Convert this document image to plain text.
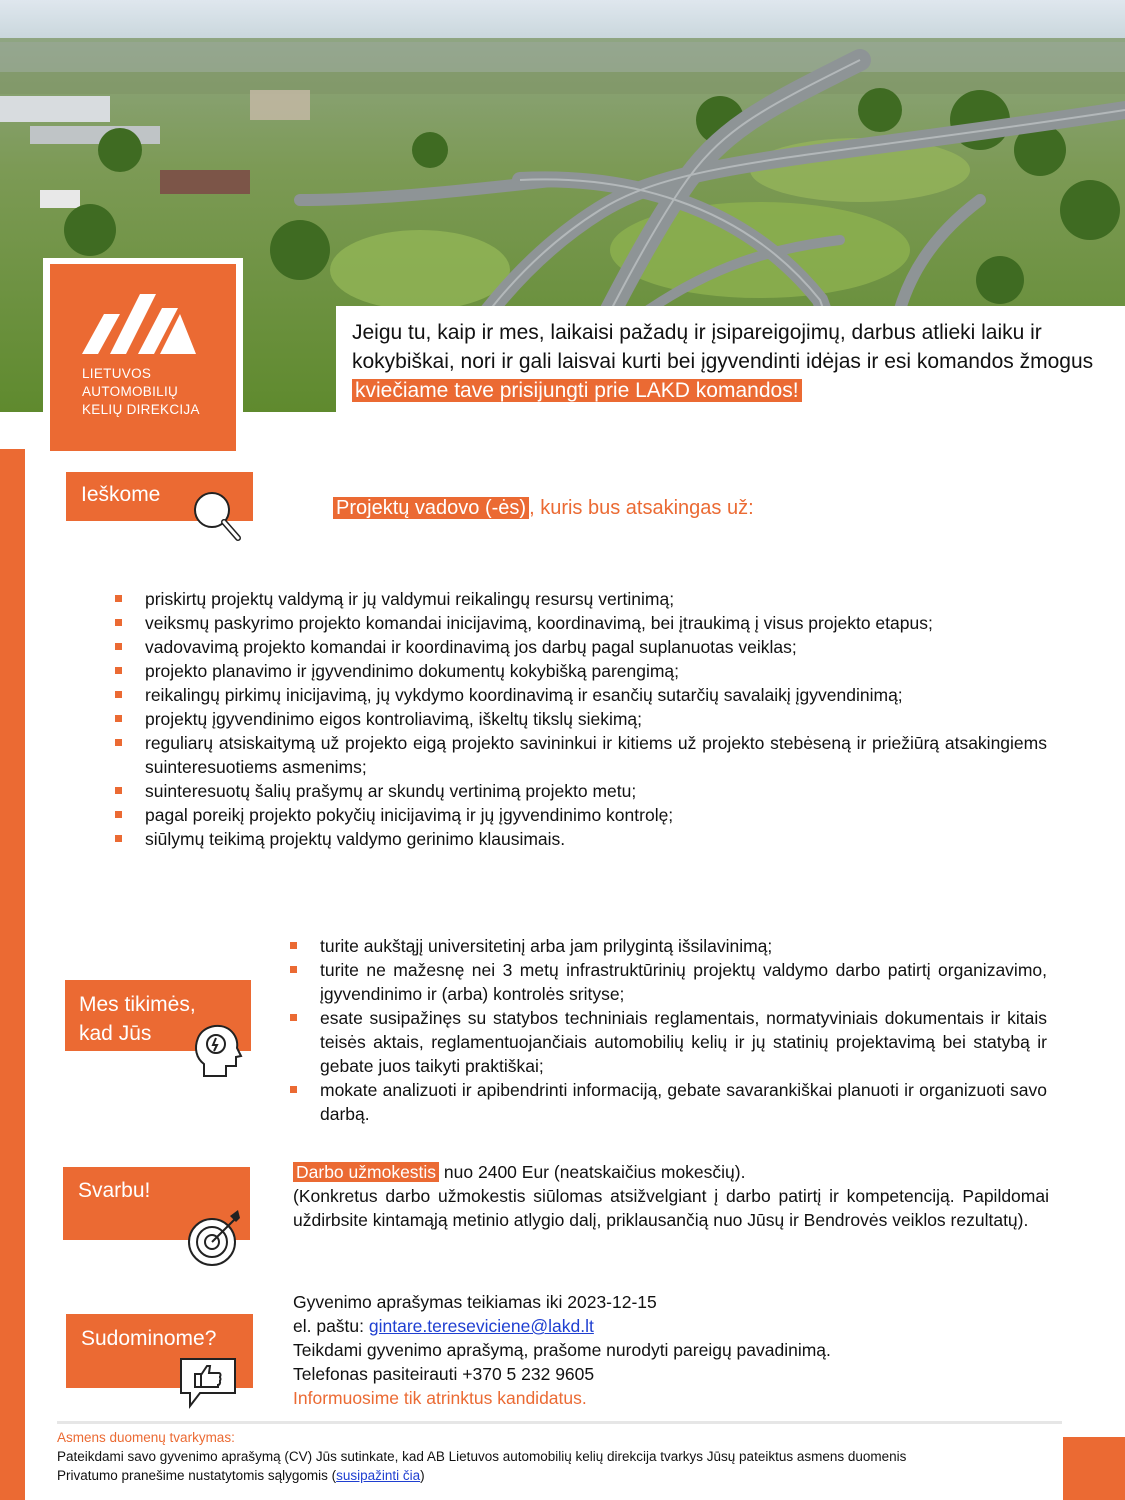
LIETUVOS
AUTOMOBILIŲ
KELIŲ DIREKCIJA
Jeigu tu, kaip ir mes, laikaisi pažadų ir įsipareigojimų, darbus atlieki laiku ir kokybiškai, nori ir gali laisvai kurti bei įgyvendinti idėjas ir esi komandos žmogus kviečiame tave prisijungti prie LAKD komandos!
Ieškome
Projektų vadovo (-ės) , kuris bus atsakingas už:
priskirtų projektų valdymą ir jų valdymui reikalingų resursų vertinimą;
veiksmų paskyrimo projekto komandai inicijavimą, koordinavimą, bei įtraukimą į visus projekto etapus;
vadovavimą projekto komandai ir koordinavimą jos darbų pagal suplanuotas veiklas;
projekto planavimo ir įgyvendinimo dokumentų kokybišką parengimą;
reikalingų pirkimų inicijavimą, jų vykdymo koordinavimą ir esančių sutarčių savalaikį įgyvendinimą;
projektų įgyvendinimo eigos kontroliavimą, iškeltų tikslų siekimą;
reguliarų atsiskaitymą už projekto eigą projekto savininkui ir kitiems už projekto stebėseną ir priežiūrą atsakingiems suinteresuotiems asmenims;
suinteresuotų šalių prašymų ar skundų vertinimą projekto metu;
pagal poreikį projekto pokyčių inicijavimą ir jų įgyvendinimo kontrolę;
siūlymų teikimą projektų valdymo gerinimo klausimais.
Mes tikimės,
kad Jūs
turite aukštąjį universitetinį arba jam prilygintą išsilavinimą;
turite ne mažesnę nei 3 metų infrastruktūrinių projektų valdymo darbo patirtį organizavimo, įgyvendinimo ir (arba) kontrolės srityse;
esate susipažinęs su statybos techniniais reglamentais, normatyviniais dokumentais ir kitais teisės aktais, reglamentuojančiais automobilių kelių ir jų statinių projektavimą bei statybą ir gebate juos taikyti praktiškai;
mokate analizuoti ir apibendrinti informaciją, gebate savarankiškai planuoti ir organizuoti savo darbą.
Svarbu!
Darbo užmokestis nuo 2400 Eur (neatskaičius mokesčių).
(Konkretus darbo užmokestis siūlomas atsižvelgiant į darbo patirtį ir kompetenciją. Papildomai uždirbsite kintamąją metinio atlygio dalį, priklausančią nuo Jūsų ir Bendrovės veiklos rezultatų).
Sudominome?
Gyvenimo aprašymas teikiamas iki 2023-12-15
el. paštu: gintare.tereseviciene@lakd.lt
Teikdami gyvenimo aprašymą, prašome nurodyti pareigų pavadinimą.
Telefonas pasiteirauti +370 5 232 9605
Informuosime tik atrinktus kandidatus.
Asmens duomenų tvarkymas:
Pateikdami savo gyvenimo aprašymą (CV) Jūs sutinkate, kad AB Lietuvos automobilių kelių direkcija tvarkys Jūsų pateiktus asmens duomenis
Privatumo pranešime nustatytomis sąlygomis (susipažinti čia)
